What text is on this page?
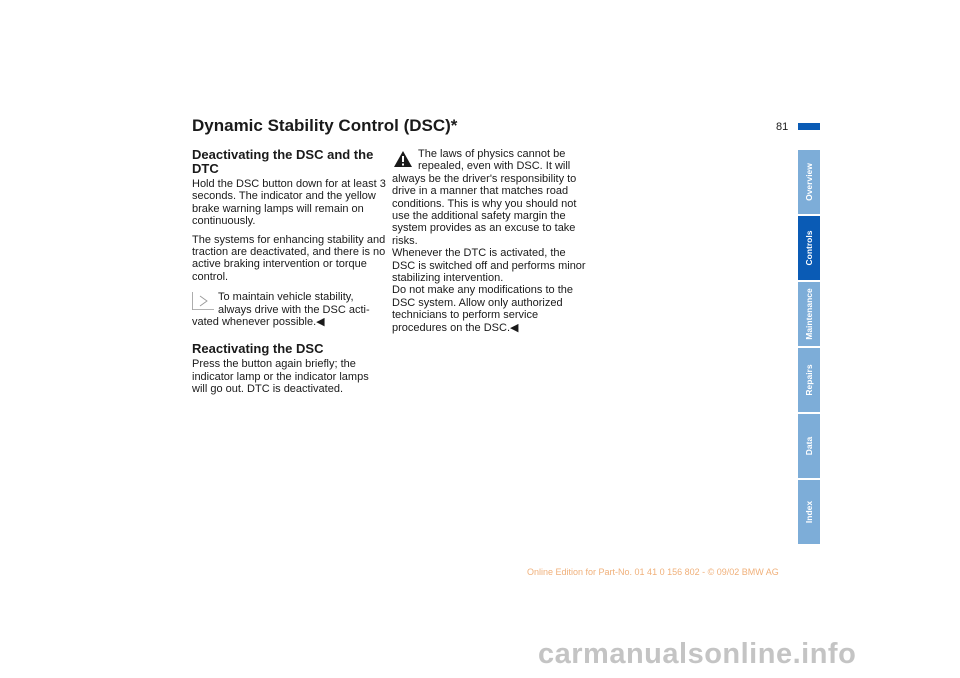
Dynamic Stability Control (DSC)*	81
Deactivating the DSC and the DTC

Hold the DSC button down for at least 3 seconds. The indicator and the yellow brake warning lamps will remain on continuously.

The systems for enhancing stability and traction are deactivated, and there is no active braking intervention or torque control.

To maintain vehicle stability,
always drive with the DSC acti-
vated whenever possible.◀
Reactivating the DSC

Press the button again briefly; the indicator lamp or the indicator lamps will go out. DTC is deactivated.

The laws of physics cannot be
repealed, even with DSC. It will
always be the driver's responsibility to drive in a manner that matches road conditions. This is why you should not use the additional safety margin the system provides as an excuse to take risks.
Whenever the DTC is activated, the DSC is switched off and performs minor stabilizing intervention.
Do not make any modifications to the DSC system. Allow only authorized technicians to perform service procedures on the DSC.◀
Overview
Controls
Maintenance
Repairs
Data
Index
Online Edition for Part-No. 01 41 0 156 802 - © 09/02 BMW AG
carmanualsonline.info
